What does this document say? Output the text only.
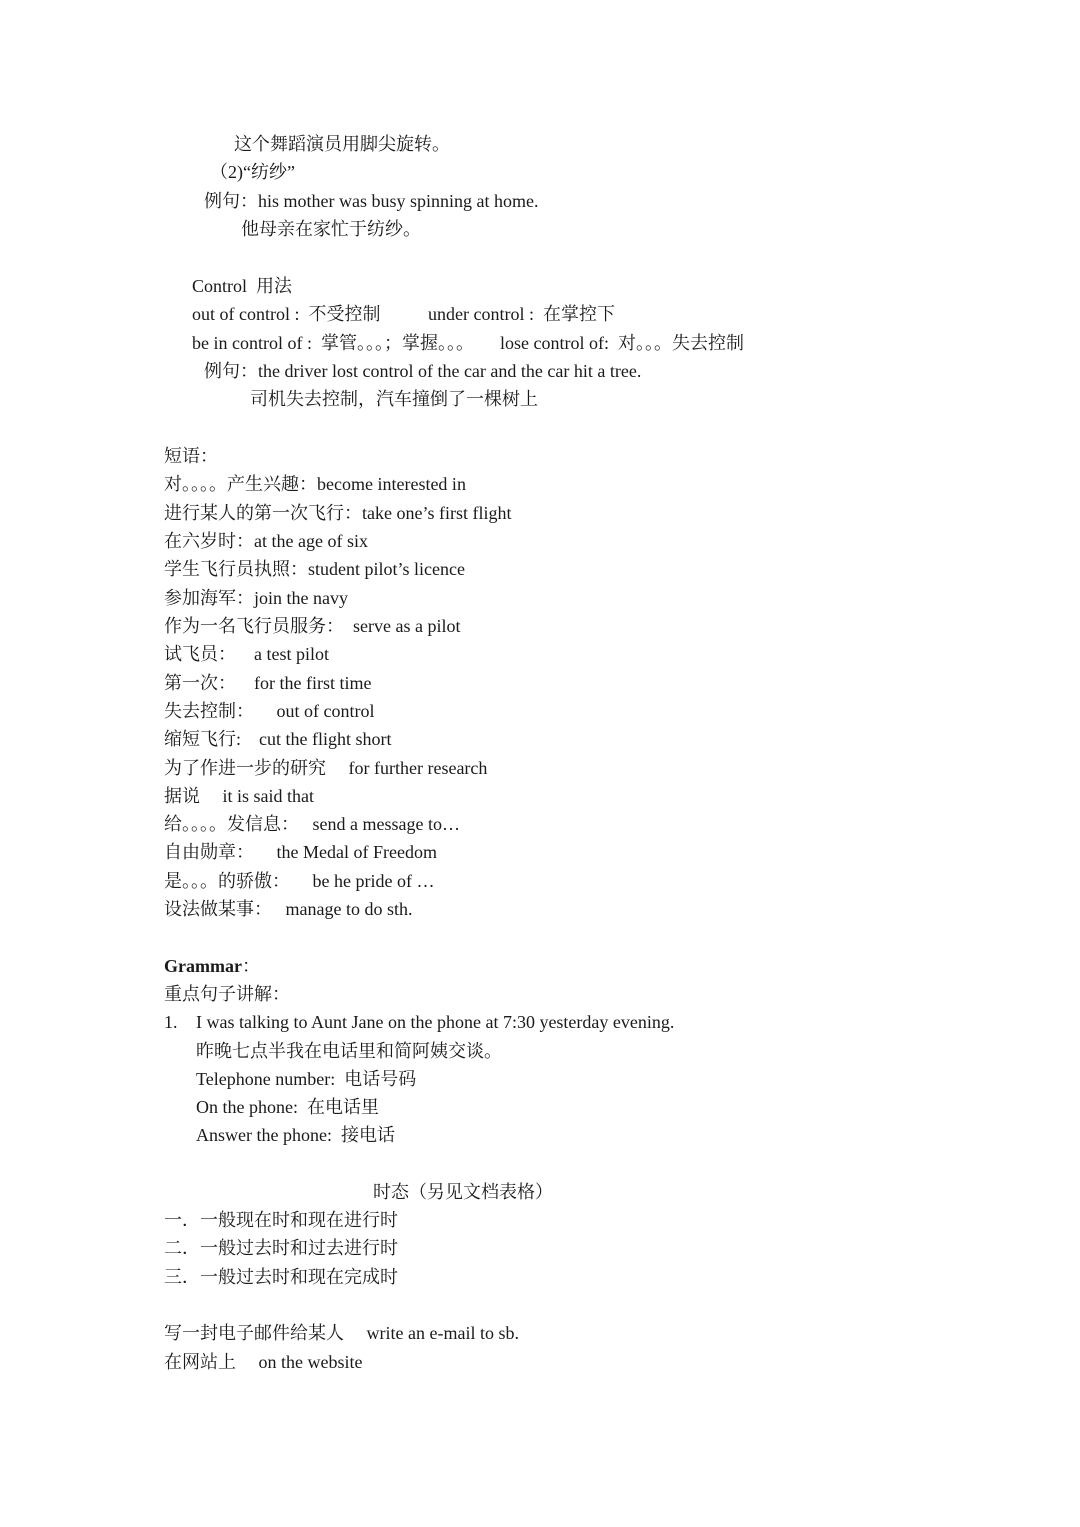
这个舞蹈演员用脚尖旋转。
（2)“纺纱”
例句：his mother was busy spinning at home.
他母亲在家忙于纺纱。
Control  用法
out of control :  不受控制	under control :  在掌控下
be in control of :  掌管。。。；掌握。。。 lose control of:  对。。。失去控制
例句：the driver lost control of the car and the car hit a tree.
司机失去控制，汽车撞倒了一棵树上
短语：
对。。。。产生兴趣：become interested in
进行某人的第一次飞行：take one’s first flight
在六岁时：at the age of six
学生飞行员执照：student pilot’s licence
参加海军：join the navy
作为一名飞行员服务：  serve as a pilot
试飞员：    a test pilot
第一次：    for the first time
失去控制：     out of control
缩短飞行:    cut the flight short
为了作进一步的研究     for further research
据说     it is said that
给。。。。发信息：   send a message to…
自由勋章：     the Medal of Freedom
是。。。的骄傲：     be he pride of …
设法做某事：   manage to do sth.
Grammar：
重点句子讲解：
1. I was talking to Aunt Jane on the phone at 7:30 yesterday evening.
昨晚七点半我在电话里和简阿姨交谈。
Telephone number:  电话号码
On the phone:  在电话里
Answer the phone:  接电话
时态（另见文档表格）
一．一般现在时和现在进行时
二．一般过去时和过去进行时
三．一般过去时和现在完成时
写一封电子邮件给某人     write an e-mail to sb.
在网站上     on the website
